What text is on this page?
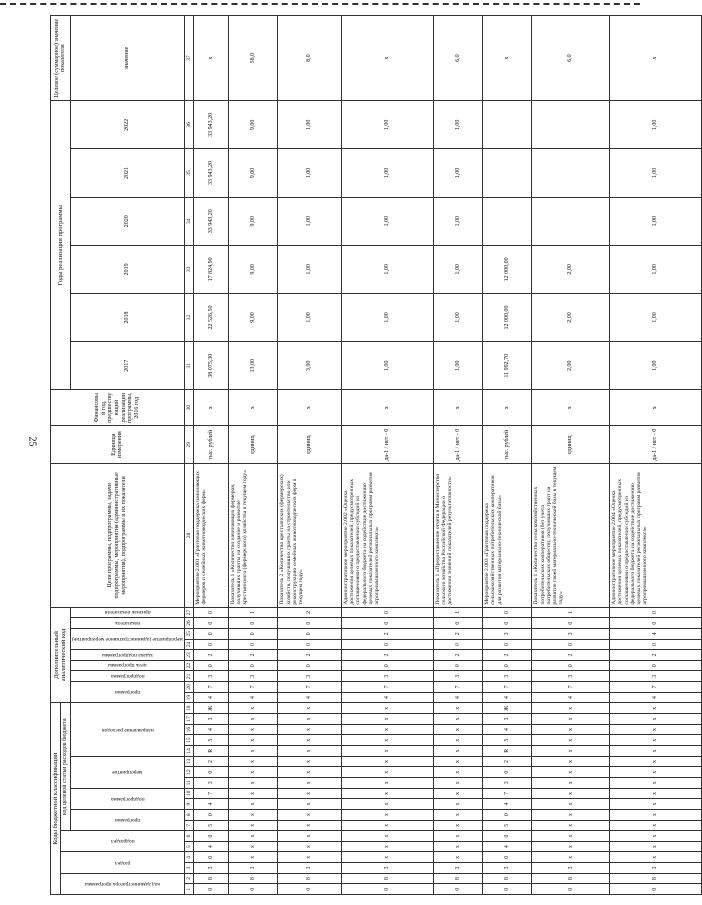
25
Коды бюджетной классификации																		Дополнительный аналитический код									Цели программы, подпрограммы, задачи подпрограммы, мероприятия (административные мероприятия), подпрограммы и их показатели	Единица измерения	Финансовый год, предшествующий реализации программы, 2016 год	Годы реализации программы						Целевое (суммарное) значение показателя

код администратора программы		раздел		подраздел		код целевой статьи расходов бюджета																														

						программа		подпрограмма		мероприятие			направление расходов					программа		подпрограмма	цель программы	задача подпрограммы	мероприятие (административное мероприятие)		показатель	признак показателя				2017	2018	2019	2020	2021	2022	
																																				значение
1	2	3	4	5	6	7	8	9	10	11	12	13	14	15	16	17	18	19	20	21	22	23	24	25	26	27	28	29	30	31	32	33	34	35	36	37
0	8	3	0	4	0	5	0	4	7	3	0	2	R	5	4	3	Ж	4	7	3	0	2	0	0	0	0	Мероприятие 2.001 «Грантовая поддержка начинающих фермеров и семейных животноводческих ферм»	тыс. рублей	х	38 075,30	22 526,50	17 824,90	33 943,20	33 943,20	33 943,20	х
0	8	3	х	х	х	х	х	х	х	х	х	х	х	х	х	х	х	4	7	3	0	2	0	0	0	1	Показатель 1 «Количество начинающих фермеров, получивших гранты на создание и развитие крестьянского (фермерского) хозяйства в текущем году»	единиц	х	13,00	9,00	9,00	9,00	9,00	9,00	58,0
0	8	3	х	х	х	х	х	х	х	х	х	х	х	х	х	х	х	4	7	3	0	2	0	0	0	2	Показатель 2 «Количество крестьянских (фермерских) хозяйств, получивших гранты на строительство или реконструкцию семейных животноводческих ферм в текущем году»	единиц	х	3,00	1,00	1,00	1,00	1,00	1,00	8,0
0	8	3	х	х	х	х	х	х	х	х	х	х	х	х	х	х	х	4	7	3	0	2	0	2	0	0	Административное мероприятие 2.002 «Оценка достижения целевых показателей, предусмотренных соглашениями о предоставлении субсидий из федерального бюджета на содействие достижению целевых показателей региональных программ развития агропромышленного комплекса»	да-1 / нет - 0	х	1,00	1,00	1,00	1,00	1,00	1,00	х
0	8	3	х	х	х	х	х	х	х	х	х	х	х	х	х	х	х	4	7	3	0	2	0	2	0	1	Показатель 1 «Предоставление отчета в Министерство сельского хозяйства Российской Федерации о достижении значений показателей результативности»	да-1 / нет - 0	х	1,00	1,00	1,00	1,00	1,00	1,00	6,0
0	8	3	0	4	0	5	0	4	7	3	0	2	R	5	4	3	Ж	4	7	3	0	2	0	3	0	0	Мероприятие 2.003 «Грантовая поддержка сельскохозяйственных потребительских кооперативов для развития материально-технической базы»	тыс. рублей	х	11 992,70	12 000,00	12 000,00				х
0	8	3	х	х	х	х	х	х	х	х	х	х	х	х	х	х	х	4	7	3	0	2	0	3	0	1	Показатель 1 «Количество сельскохозяйственных потребительских кооперативов (без учета потребительских обществ), получивших грант на развитие своей материально-технической базы в текущем году»	единиц	х	2,00	2,00	2,00				6,0
0	8	3	х	х	х	х	х	х	х	х	х	х	х	х	х	х	х	4	7	3	0	2	0	4	0	0	Административное мероприятие 2.004 «Оценка достижения целевых показателей, предусмотренных соглашениями о предоставлении субсидий из федерального бюджета на содействие достижению целевых показателей региональных программ развития агропромышленного комплекса»	да-1 / нет - 0	х	1,00	1,00	1,00	1,00	1,00	1,00	х
